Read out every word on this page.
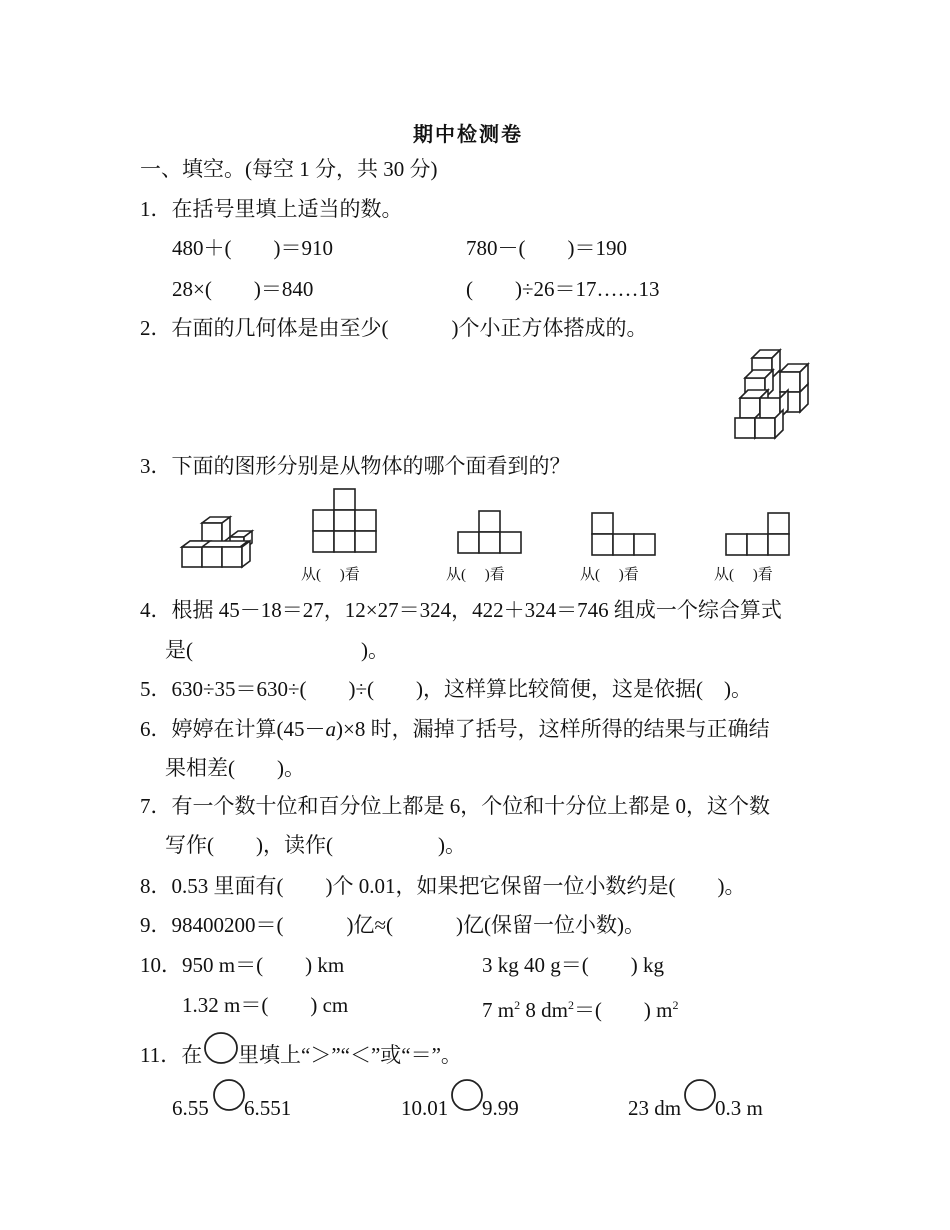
期中检测卷
一、填空。(每空 1 分，共 30 分)
1．在括号里填上适当的数。
480＋(　　)＝910	780－(　　)＝190
28×(　　)＝840	(　　)÷26＝17……13
2．右面的几何体是由至少(　　　)个小正方体搭成的。
3．下面的图形分别是从物体的哪个面看到的？
从(　 )看	从(　 )看	从(　 )看	从(　 )看
4．根据 45－18＝27，12×27＝324，422＋324＝746 组成一个综合算式
是(　　　　　　　　)。
5．630÷35＝630÷(　　)÷(　　)，这样算比较简便，这是依据(　)。
6．婷婷在计算(45－a)×8 时，漏掉了括号，这样所得的结果与正确结
果相差(　　)。
7．有一个数十位和百分位上都是 6，个位和十分位上都是 0，这个数
写作(　　)，读作(　　　　　)。
8．0.53 里面有(　　)个 0.01，如果把它保留一位小数约是(　　)。
9．98400200＝(　　　)亿≈(　　　)亿(保留一位小数)。
10．950 m＝(　　) km	3 kg 40 g＝(　　) kg
1.32 m＝(　　) cm	7 $m^2$ 8 $dm^2=$(　　) $m^2$
11．在 里填上“＞”“＜”或“＝”。
6.55 6.551	10.01 9.99	23 dm 0.3 m
